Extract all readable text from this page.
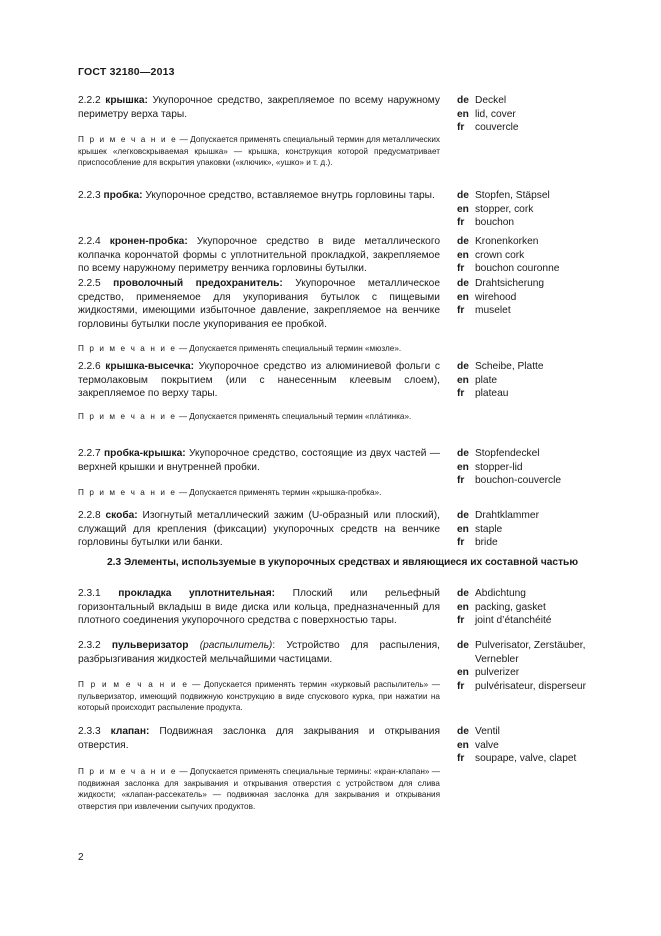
ГОСТ 32180—2013
2.2.2 крышка: Укупорочное средство, закрепляемое по всему наружному периметру верха тары.
de Deckel
en lid, cover
fr	couvercle
П р и м е ч а н и е — Допускается применять специальный термин для металлических крышек «легковскрываемая крышка» — крышка, конструкция которой предусматривает приспособление для вскрытия упаковки («ключик», «ушко» и т. д.).
2.2.3 пробка: Укупорочное средство, вставляемое внутрь горловины тары.	de Stopfen, Stäpsel
en stopper, cork
fr	bouchon
2.2.4 кронен-пробка: Укупорочное средство в виде металлического колпачка корончатой формы с уплотнительной прокладкой, закрепляемое по всему наружному периметру венчика горловины бутылки.
de Kronenkorken
en crown cork
fr	bouchon couronne
2.2.5 проволочный предохранитель: Укупорочное металлическое средство, применяемое для укупоривания бутылок с пищевыми жидкостями, имеющими избыточное давление, закрепляемое на венчике горловины бутылки после укупоривания ее пробкой.
de Drahtsicherung
en wirehood
fr	muselet
П р и м е ч а н и е — Допускается применять специальный термин «мюзле».
2.2.6 крышка-высечка: Укупорочное средство из алюминиевой фольги с термолаковым покрытием (или с нанесенным клеевым слоем), закрепляемое по верху тары.
de Scheibe, Platte
en plate
fr	plateau
П р и м е ч а н и е — Допускается применять специальный термин «пла́тинка».
2.2.7 пробка-крышка: Укупорочное средство, состоящие из двух частей — верхней крышки и внутренней пробки.
de Stopfendeckel
en stopper-lid
fr	bouchon-couvercle
П р и м е ч а н и е — Допускается применять термин «крышка-пробка».
2.2.8 скоба: Изогнутый металлический зажим (U-образный или плоский), служащий для крепления (фиксации) укупорочных средств на венчике горловины бутылки или банки.
de Drahtklammer
en staple
fr	bride
2.3 Элементы, используемые в укупорочных средствах и являющиеся их составной частью
2.3.1 прокладка уплотнительная: Плоский или рельефный горизонтальный вкладыш в виде диска или кольца, предназначенный для плотного соединения укупорочного средства с поверхностью тары.
de Abdichtung
en packing, gasket
fr	joint d’étanchéité
2.3.2 пульверизатор (распылитель): Устройство для распыления, разбрызгивания жидкостей мельчайшими частицами.
de Pulverisator, Zerstäuber,
Vernebler
en pulverizer
fr	pulvérisateur, disperseur
П р и м е ч а н и е — Допускается применять термин «курковый распылитель» — пульверизатор, имеющий подвижную конструкцию в виде спускового курка, при нажатии на который происходит распыление продукта.
2.3.3 клапан: Подвижная заслонка для закрывания и открывания отверстия.
de Ventil
en valve
fr	soupape, valve, clapet
П р и м е ч а н и е — Допускается применять специальные термины: «кран-клапан» — подвижная заслонка для закрывания и открывания отверстия с устройством для слива жидкости; «клапан-рассекатель» — подвижная заслонка для закрывания и открывания отверстия при извлечении сыпучих продуктов.
2
